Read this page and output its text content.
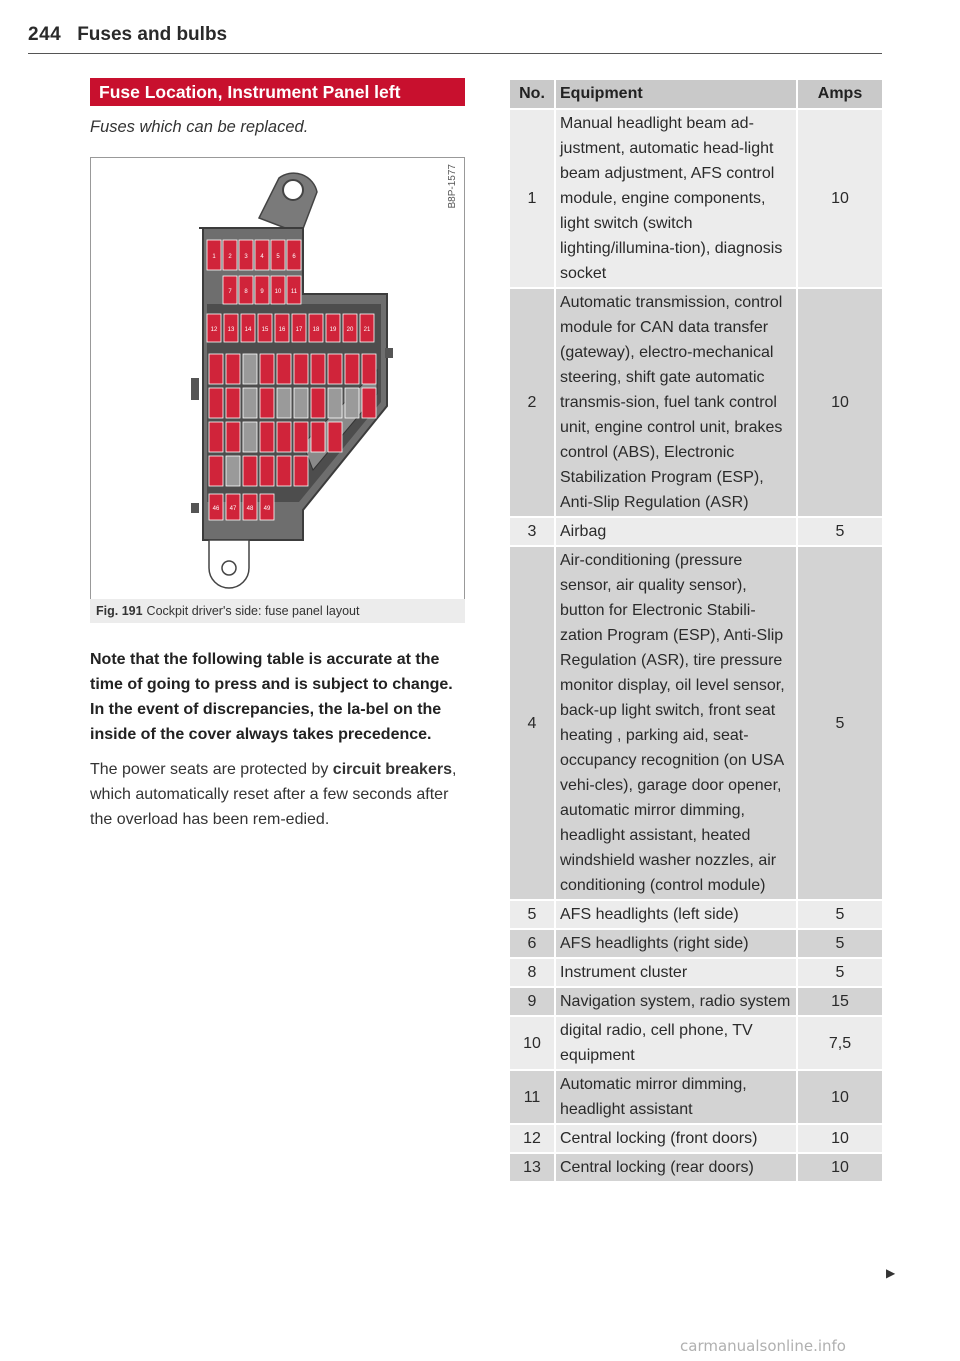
244 Fuses and bulbs
Fuse Location, Instrument Panel left
Fuses which can be replaced.
1 2 3 4 5 6
7 8 9 10 11
12 13 14 15 16 17 18 19 20 21
46 47 48 49
B8P-1577
Fig. 191 Cockpit driver's side: fuse panel layout

Note that the following table is accurate at the time of going to press and is subject to change. In the event of discrepancies, the la-bel on the inside of the cover always takes precedence.

The power seats are protected by circuit breakers, which automatically reset after a few seconds after the overload has been rem-edied.

No.	Equipment	Amps
1	Manual headlight beam ad-justment, automatic head-light beam adjustment, AFS control module, engine components, light switch (switch lighting/illumina-tion), diagnosis socket	10
2	Automatic transmission, control module for CAN data transfer (gateway), electro-mechanical steering, shift gate automatic transmis-sion, fuel tank control unit, engine control unit, brakes control (ABS), Electronic Stabilization Program (ESP), Anti-Slip Regulation (ASR)	10
3	Airbag	5
4	Air-conditioning (pressure sensor, air quality sensor), button for Electronic Stabili-zation Program (ESP), Anti-Slip Regulation (ASR), tire pressure monitor display, oil level sensor, back-up light switch, front seat heating , parking aid, seat-occupancy recognition (on USA vehi-cles), garage door opener, automatic mirror dimming, headlight assistant, heated windshield washer nozzles, air conditioning (control module)	5
5	AFS headlights (left side)	5
6	AFS headlights (right side)	5
8	Instrument cluster	5
9	Navigation system, radio system	15
10	digital radio, cell phone, TV equipment	7,5
11	Automatic mirror dimming, headlight assistant	10
12	Central locking (front doors)	10
13	Central locking (rear doors)	10
▶
carmanualsonline.info
